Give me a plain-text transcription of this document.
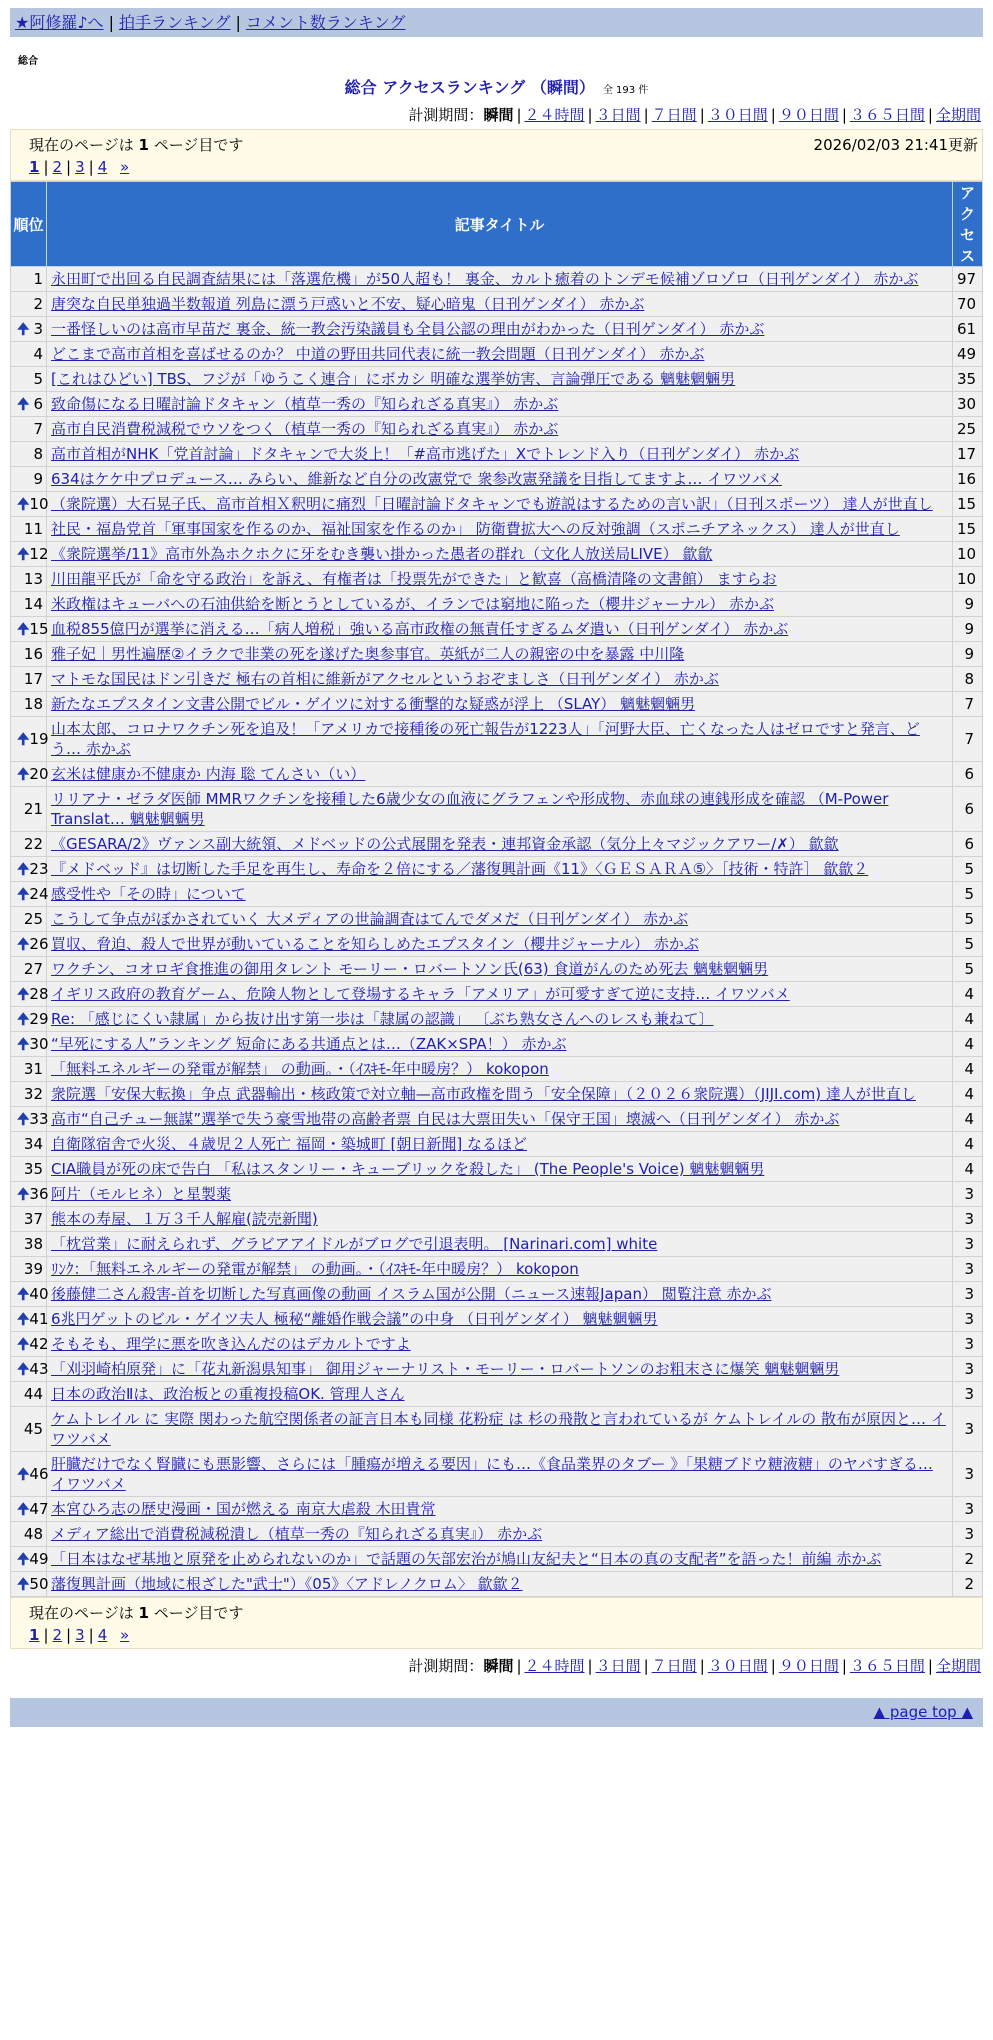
★阿修羅♪へ | 拍手ランキング | コメント数ランキング
総合
総合 アクセスランキング （瞬間） 全 193 件
計測期間：瞬間 | ２４時間 | ３日間 | ７日間 | ３０日間 | ９０日間 | ３６５日間 | 全期間
現在のページは 1 ページ目です	2026/02/03 21:41更新
1 | 2 | 3 | 4 »
順位	記事タイトル	アクセス
1	永田町で出回る自民調査結果には「落選危機」が50人超も！ 裏金、カルト癒着のトンデモ候補ゾロゾロ（日刊ゲンダイ） 赤かぶ	97
2	唐突な自民単独過半数報道 列島に漂う戸惑いと不安、疑心暗鬼（日刊ゲンダイ） 赤かぶ	70

🠉 3	一番怪しいのは高市早苗だ 裏金、統一教会汚染議員も全員公認の理由がわかった（日刊ゲンダイ） 赤かぶ	61
4	どこまで高市首相を喜ばせるのか？ 中道の野田共同代表に統一教会問題（日刊ゲンダイ） 赤かぶ	49
5	[これはひどい] TBS、フジが「ゆうこく連合」にボカシ 明確な選挙妨害、言論弾圧である 魑魅魍魎男	35

🠉 6	致命傷になる日曜討論ドタキャン（植草一秀の『知られざる真実』） 赤かぶ	30
7	高市自民消費税減税でウソをつく（植草一秀の『知られざる真実』） 赤かぶ	25
8	高市首相がNHK「党首討論」ドタキャンで大炎上！「#高市逃げた」Xでトレンド入り（日刊ゲンダイ） 赤かぶ	17
9	634はケケ中プロデュース… みらい、維新など自分の改憲党で 衆参改憲発議を目指してますよ… イワツバメ	16

🠉 10	（衆院選）大石晃子氏、高市首相Ｘ釈明に痛烈「日曜討論ドタキャンでも遊説はするための言い訳」（日刊スポーツ） 達人が世直し	15
11	社民・福島党首「軍事国家を作るのか、福祉国家を作るのか」 防衛費拡大への反対強調（スポニチアネックス） 達人が世直し	15

🠉 12	《衆院選挙/11》高市外為ホクホクに牙をむき襲い掛かった愚者の群れ（文化人放送局LIVE） 歙歙	10
13	川田龍平氏が「命を守る政治」を訴え、有権者は「投票先ができた」と歓喜（高橋清隆の文書館） ますらお	10
14	米政権はキューバへの石油供給を断とうとしているが、イランでは窮地に陥った（櫻井ジャーナル） 赤かぶ	9

🠉 15	血税855億円が選挙に消える…「病人増税」強いる高市政権の無責任すぎるムダ遣い（日刊ゲンダイ） 赤かぶ	9
16	雅子妃｜男性遍歴②イラクで非業の死を遂げた奥参事官。英紙が二人の親密の中を暴露 中川隆	9
17	マトモな国民はドン引きだ 極右の首相に維新がアクセルというおぞましさ（日刊ゲンダイ） 赤かぶ	8
18	新たなエプスタイン文書公開でビル・ゲイツに対する衝撃的な疑惑が浮上 （SLAY） 魑魅魍魎男	7

🠉 19	山本太郎、コロナワクチン死を追及！「アメリカで接種後の死亡報告が1223人」「河野大臣、亡くなった人はゼロですと発言、どう… 赤かぶ	7

🠉 20	玄米は健康か不健康か 内海 聡 てんさい（い）	6
21	リリアナ・ゼラダ医師 MMRワクチンを接種した6歳少女の血液にグラフェンや形成物、赤血球の連銭形成を確認 （M-Power Translat… 魑魅魍魎男	6
22	《GESARA/2》ヴァンス副大統領、メドベッドの公式展開を発表・連邦資金承認（気分上々マジックアワー/✗） 歙歙	6

🠉 23	『メドベッド』は切断した手足を再生し、寿命を２倍にする／藩復興計画《11》〈ＧＥＳＡＲＡ⑤〉［技術・特許］ 歙歙２	5

🠉 24	感受性や「その時」について	5
25	こうして争点がぼかされていく 大メディアの世論調査はてんでダメだ（日刊ゲンダイ） 赤かぶ	5

🠉 26	買収、脅迫、殺人で世界が動いていることを知らしめたエプスタイン（櫻井ジャーナル） 赤かぶ	5
27	ワクチン、コオロギ食推進の御用タレント モーリー・ロバートソン氏(63) 食道がんのため死去 魑魅魍魎男	5

🠉 28	イギリス政府の教育ゲーム、危険人物として登場するキャラ「アメリア」が可愛すぎて逆に支持… イワツバメ	4

🠉 29	Re: 「感じにくい隷属」から抜け出す第一歩は「隷属の認識」 〔ぶち熟女さんへのレスも兼ねて〕	4

🠉 30	“早死にする人”ランキング 短命にある共通点とは…（ZAK×SPA！） 赤かぶ	4
31	「無料エネルギーの発電が解禁」 の動画。・（ｲｽｷﾓ-年中暖房？） kokopon	4
32	衆院選「安保大転換」争点 武器輸出・核政策で対立軸—高市政権を問う「安全保障」（２０２６衆院選）（JIJI.com) 達人が世直し	4

🠉 33	高市“自己チュー無謀”選挙で失う豪雪地帯の高齢者票 自民は大票田失い「保守王国」壊滅へ（日刊ゲンダイ） 赤かぶ	4
34	自衛隊宿舎で火災、４歳児２人死亡 福岡・築城町 [朝日新聞] なるほど	4
35	CIA職員が死の床で告白 「私はスタンリー・キューブリックを殺した」 (The People's Voice) 魑魅魍魎男	4

🠉 36	阿片（モルヒネ）と星製薬	3
37	熊本の寿屋、１万３千人解雇(読売新聞)	3
38	「枕営業」に耐えられず、グラビアアイドルがブログで引退表明。 [Narinari.com] white	3
39	ﾘﾝｸ：「無料エネルギーの発電が解禁」 の動画。・（ｲｽｷﾓ-年中暖房？） kokopon	3

🠉 40	後藤健二さん殺害-首を切断した写真画像の動画 イスラム国が公開（ニュース速報Japan） 閲覧注意 赤かぶ	3

🠉 41	6兆円ゲットのビル・ゲイツ夫人 極秘“離婚作戦会議”の中身 （日刊ゲンダイ） 魑魅魍魎男	3

🠉 42	そもそも、理学に悪を吹き込んだのはデカルトですよ	3

🠉 43	「刈羽崎柏原発」に「花丸新潟県知事」 御用ジャーナリスト・モーリー・ロバートソンのお粗末さに爆笑 魑魅魍魎男	3
44	日本の政治Ⅱは、政治板との重複投稿OK. 管理人さん	3
45	ケムトレイル に 実際 関わった航空関係者の証言日本も同様 花粉症 は 杉の飛散と言われているが ケムトレイルの 散布が原因と… イワツバメ	3

🠉 46	肝臓だけでなく腎臓にも悪影響、さらには「腫瘍が増える要因」にも…《食品業界のタブー 》「果糖ブドウ糖液糖」のヤバすぎる… イワツバメ	3

🠉 47	本宮ひろ志の歴史漫画・国が燃える 南京大虐殺 木田貴常	3
48	メディア総出で消費税減税潰し（植草一秀の『知られざる真実』） 赤かぶ	3

🠉 49	「日本はなぜ基地と原発を止められないのか」で話題の矢部宏治が鳩山友紀夫と“日本の真の支配者”を語った！前編 赤かぶ	2

🠉 50	藩復興計画（地域に根ざした"武士"）《05》〈アドレノクロム〉 歙歙２	2
現在のページは 1 ページ目です
1 | 2 | 3 | 4 »
計測期間：瞬間 | ２４時間 | ３日間 | ７日間 | ３０日間 | ９０日間 | ３６５日間 | 全期間
▲ page top ▲
